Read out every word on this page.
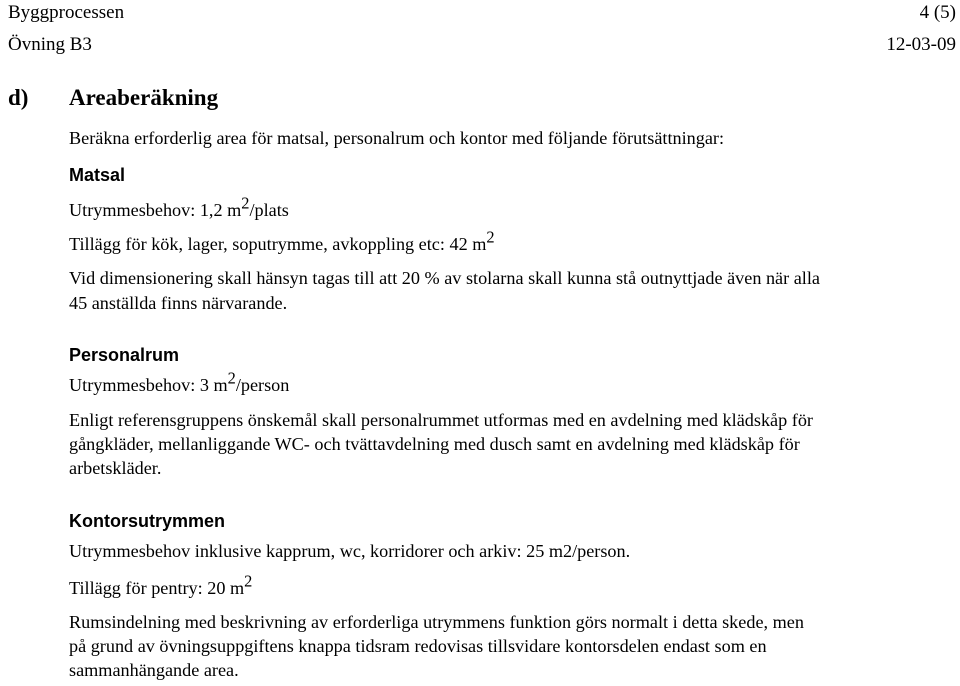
Byggprocessen	4 (5)
Övning B3	12-03-09
d) Areaberäkning
Beräkna erforderlig area för matsal, personalrum och kontor med följande förutsättningar:
Matsal
Utrymmesbehov: 1,2 $m^2$/plats
Tillägg för kök, lager, soputrymme, avkoppling etc: 42 $m^2$
Vid dimensionering skall hänsyn tagas till att 20 % av stolarna skall kunna stå outnyttjade även när alla
45 anställda finns närvarande.
Personalrum
Utrymmesbehov: 3 $m^2$/person
Enligt referensgruppens önskemål skall personalrummet utformas med en avdelning med klädskåp för
gångkläder, mellanliggande WC- och tvättavdelning med dusch samt en avdelning med klädskåp för
arbetskläder.
Kontorsutrymmen
Utrymmesbehov inklusive kapprum, wc, korridorer och arkiv: 25 m2/person.
Tillägg för pentry: 20 $m^2$
Rumsindelning med beskrivning av erforderliga utrymmens funktion görs normalt i detta skede, men
på grund av övningsuppgiftens knappa tidsram redovisas tillsvidare kontorsdelen endast som en
sammanhängande area.
